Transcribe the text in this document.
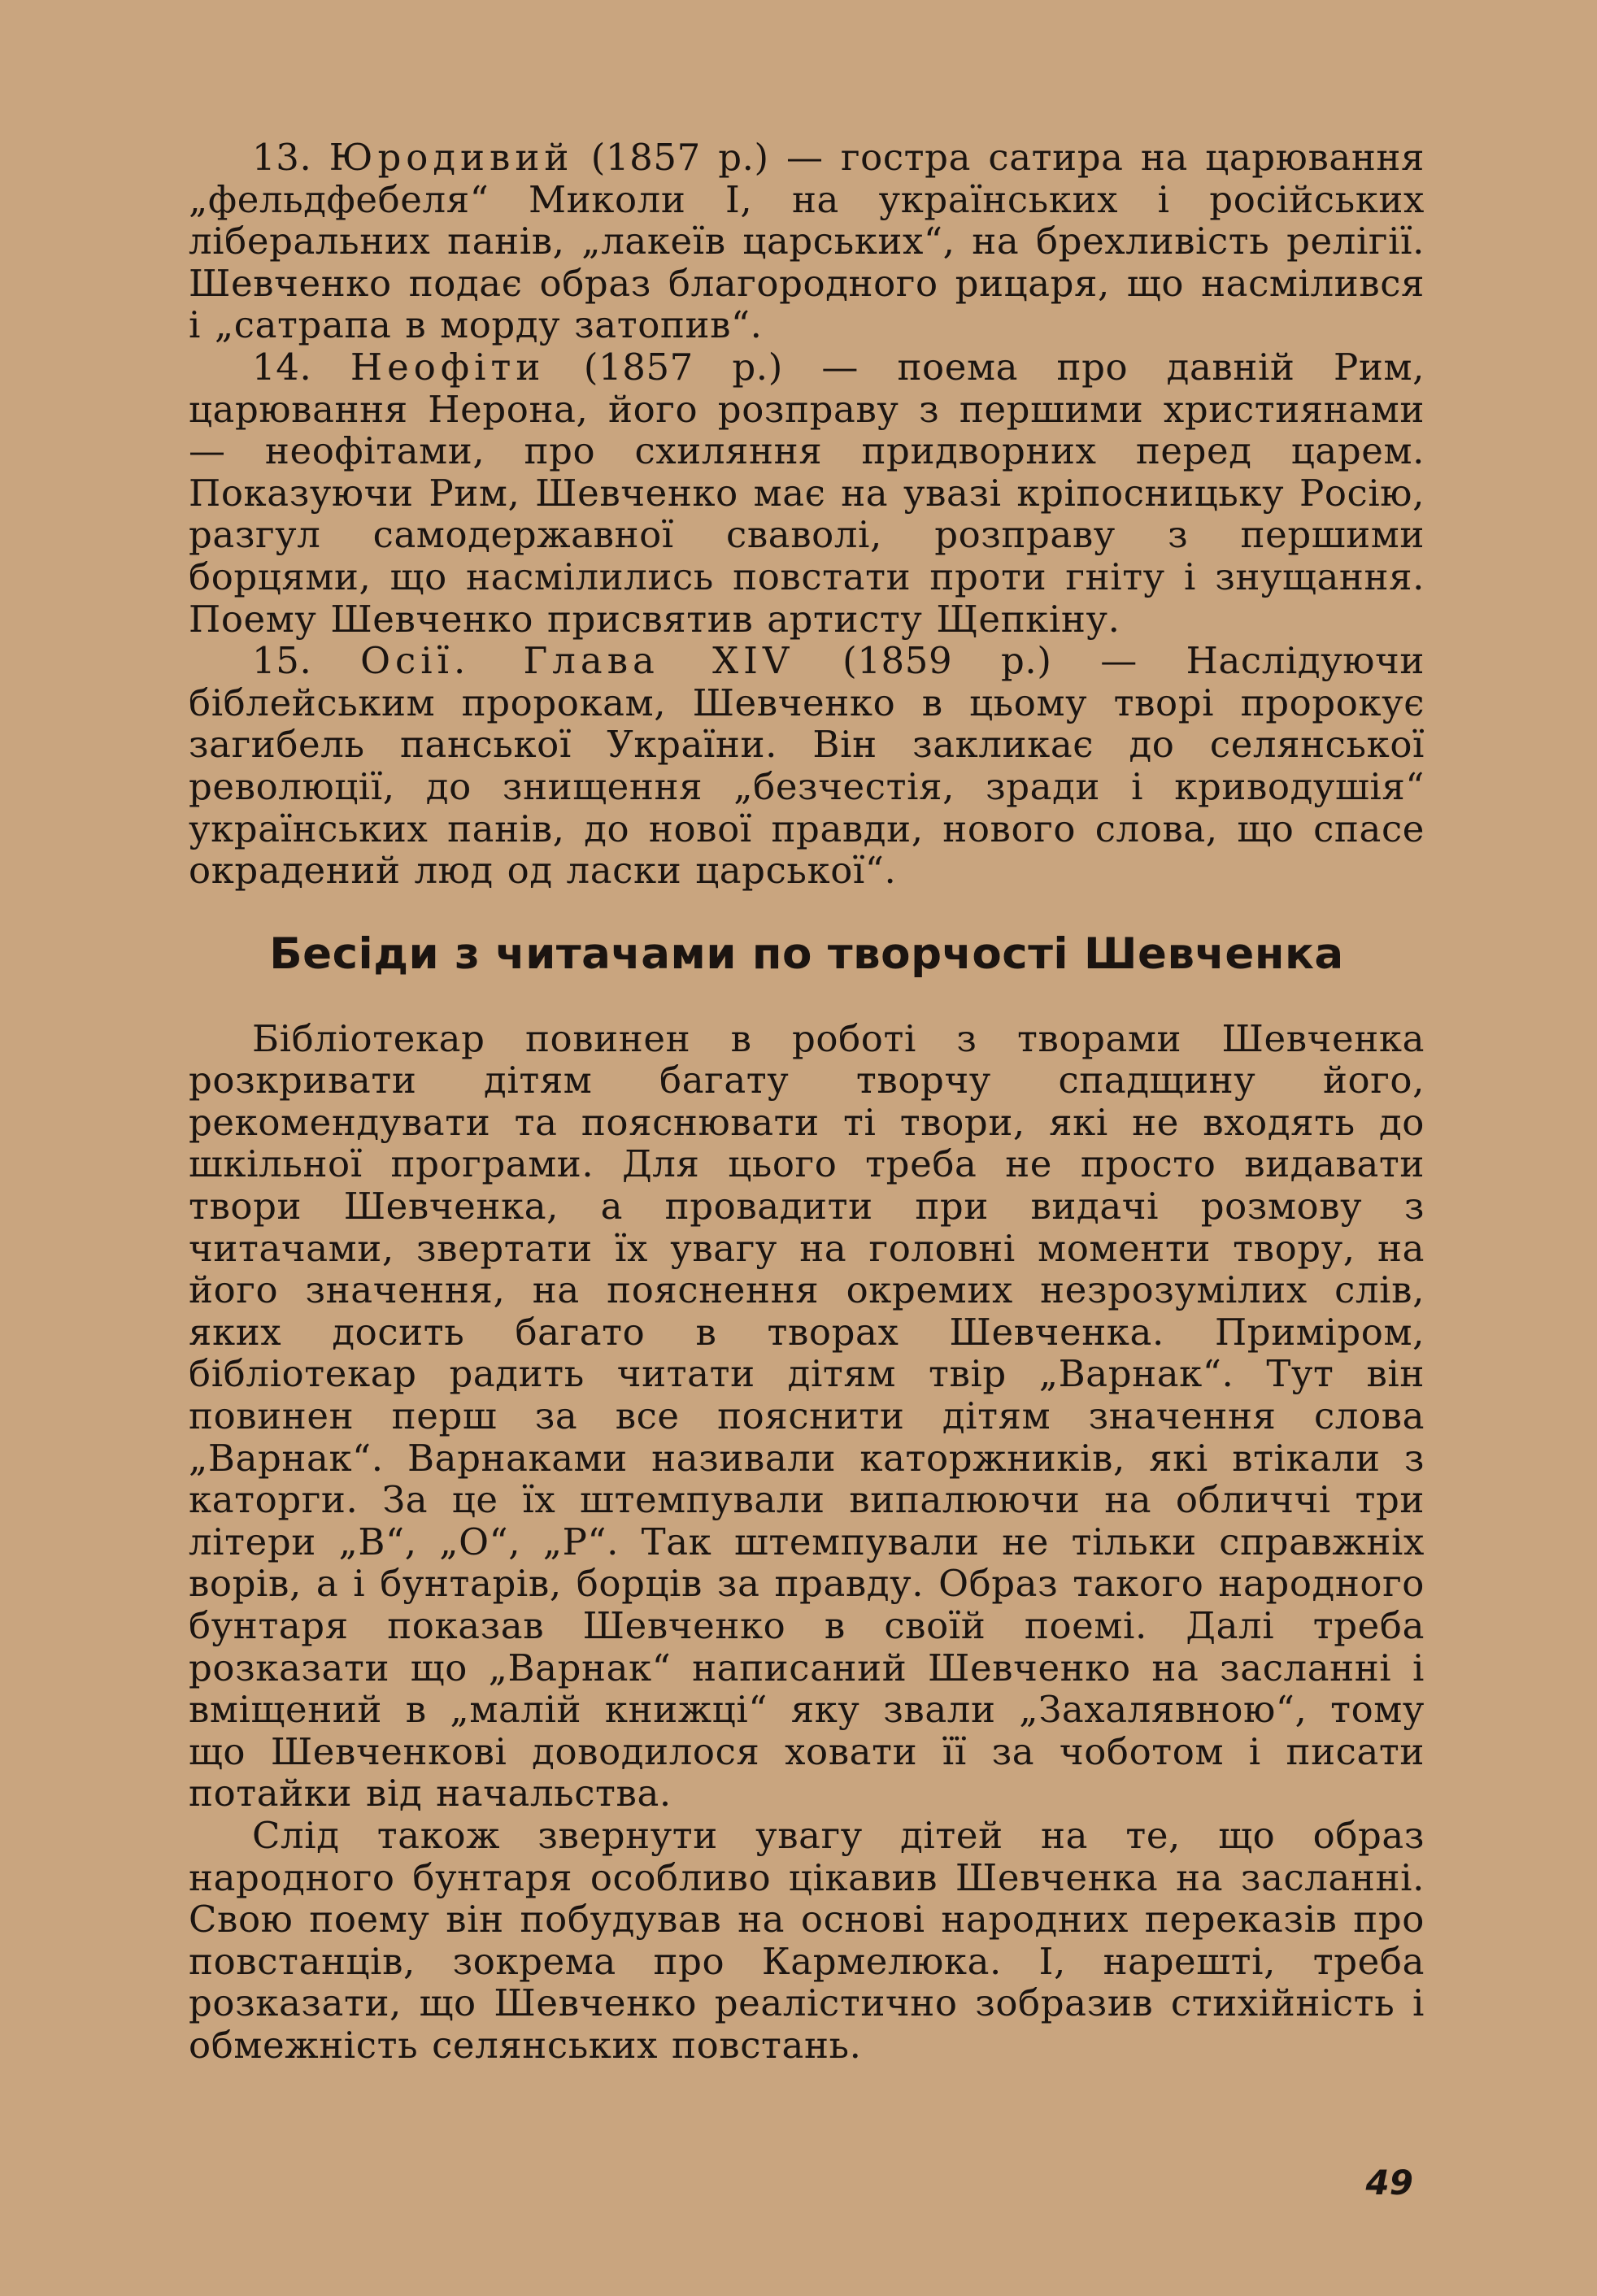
13. Юродивий (1857 р.) — гостра сатира на царювання „фельдфебеля“ Миколи I, на українських і російських ліберальних панів, „лакеїв царських“, на брехливість релігії. Шевченко подає образ благородного рицаря, що насмілився і „сатрапа в морду затопив“.

14. Неофіти (1857 р.) — поема про давній Рим, царювання Нерона, його розправу з першими християнами — неофітами, про схиляння придворних перед царем. Показуючи Рим, Шевченко має на увазі кріпосницьку Росію, разгул самодержавної сваволі, розправу з першими борцями, що насмілились повстати проти гніту і знущання. Поему Шевченко присвятив артисту Щепкіну.

15. Осії. Глава XIV (1859 р.) — Наслідуючи біблейським пророкам, Шевченко в цьому творі пророкує загибель панської України. Він закликає до селянської революції, до знищення „безчестія, зради і криводушія“ українських панів, до нової правди, нового слова, що спасе окрадений люд од ласки царської“.

Бесіди з читачами по творчості Шевченка

Бібліотекар повинен в роботі з творами Шевченка розкривати дітям багату творчу спадщину його, рекомендувати та пояснювати ті твори, які не входять до шкільної програми. Для цього треба не просто видавати твори Шевченка, а провадити при видачі розмову з читачами, звертати їх увагу на головні моменти твору, на його значення, на пояснення окремих незрозумілих слів, яких досить багато в творах Шевченка. Приміром, бібліотекар радить читати дітям твір „Варнак“. Тут він повинен перш за все пояснити дітям значення слова „Варнак“. Варнаками називали каторжників, які втікали з каторги. За це їх штемпували випалюючи на обличчі три літери „В“, „О“, „Р“. Так штемпували не тільки справжніх ворів, а і бунтарів, борців за правду. Образ такого народного бунтаря показав Шевченко в своїй поемі. Далі треба розказати що „Варнак“ написаний Шевченко на засланні і вміщений в „малій книжці“ яку звали „Захалявною“, тому що Шевченкові доводилося ховати її за чоботом і писати потайки від начальства.

Слід також звернути увагу дітей на те, що образ народного бунтаря особливо цікавив Шевченка на засланні. Свою поему він побудував на основі народних переказів про повстанців, зокрема про Кармелюка. І, нарешті, треба розказати, що Шевченко реалістично зобразив стихійність і обмежність селянських повстань.

49
